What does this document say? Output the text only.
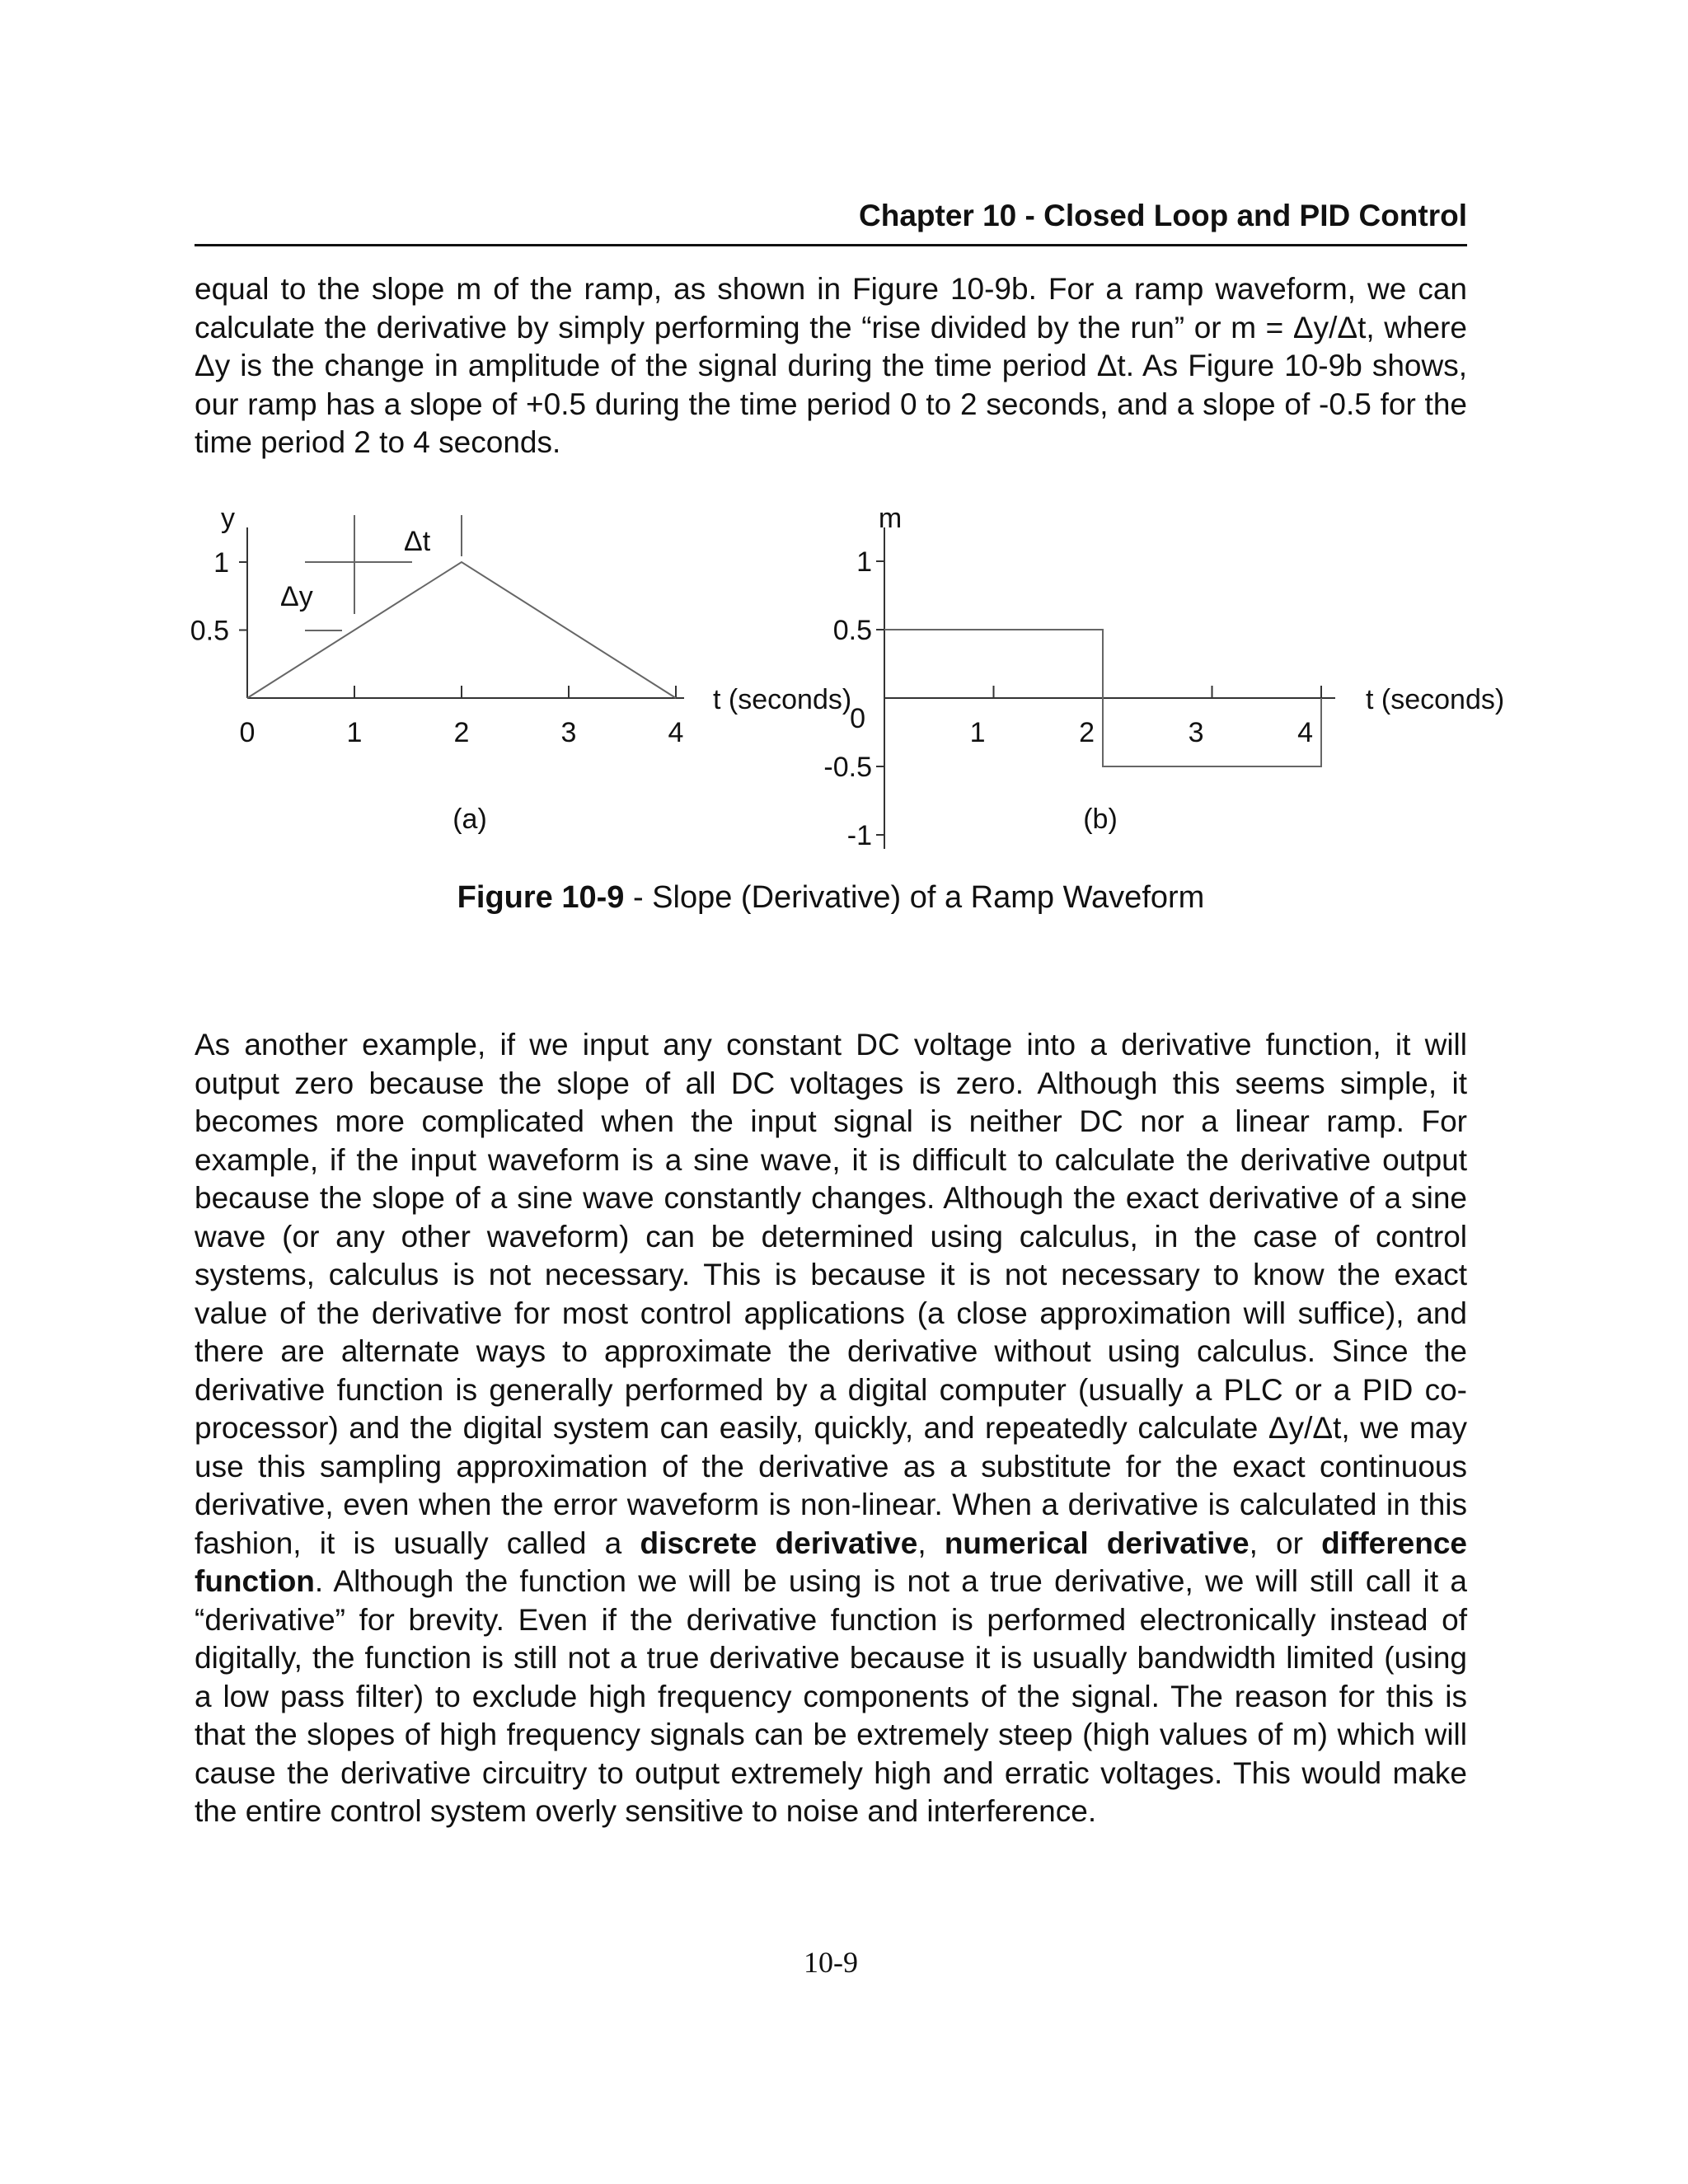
Chapter 10 - Closed Loop and PID Control

equal to the slope m of the ramp, as shown in Figure 10-9b. For a ramp waveform, we can calculate the derivative by simply performing the “rise divided by the run” or m = Δy/Δt, where Δy is the change in amplitude of the signal during the time period Δt. As Figure 10-9b shows, our ramp has a slope of +0.5 during the time period 0 to 2 seconds, and a slope of -0.5 for the time period 2 to 4 seconds.

y
t (seconds)
(a)
0	1	2	3	4
1
0.5
Δt
Δy
m
t (seconds)
0
(b)
1	2	3	4
1
0.5
-0.5
-1
Figure 10-9 - Slope (Derivative) of a Ramp Waveform

As another example, if we input any constant DC voltage into a derivative function, it will output zero because the slope of all DC voltages is zero. Although this seems simple, it becomes more complicated when the input signal is neither DC nor a linear ramp. For example, if the input waveform is a sine wave, it is difficult to calculate the derivative output because the slope of a sine wave constantly changes. Although the exact derivative of a sine wave (or any other waveform) can be determined using calculus, in the case of control systems, calculus is not necessary. This is because it is not necessary to know the exact value of the derivative for most control applications (a close approximation will suffice), and there are alternate ways to approximate the derivative without using calculus. Since the derivative function is generally performed by a digital computer (usually a PLC or a PID co-processor) and the digital system can easily, quickly, and repeatedly calculate Δy/Δt, we may use this sampling approximation of the derivative as a substitute for the exact continuous derivative, even when the error waveform is non-linear. When a derivative is calculated in this fashion, it is usually called a discrete derivative, numerical derivative, or difference function. Although the function we will be using is not a true derivative, we will still call it a “derivative” for brevity. Even if the derivative function is performed electronically instead of digitally, the function is still not a true derivative because it is usually bandwidth limited (using a low pass filter) to exclude high frequency components of the signal. The reason for this is that the slopes of high frequency signals can be extremely steep (high values of m) which will cause the derivative circuitry to output extremely high and erratic voltages. This would make the entire control system overly sensitive to noise and interference.

10-9
